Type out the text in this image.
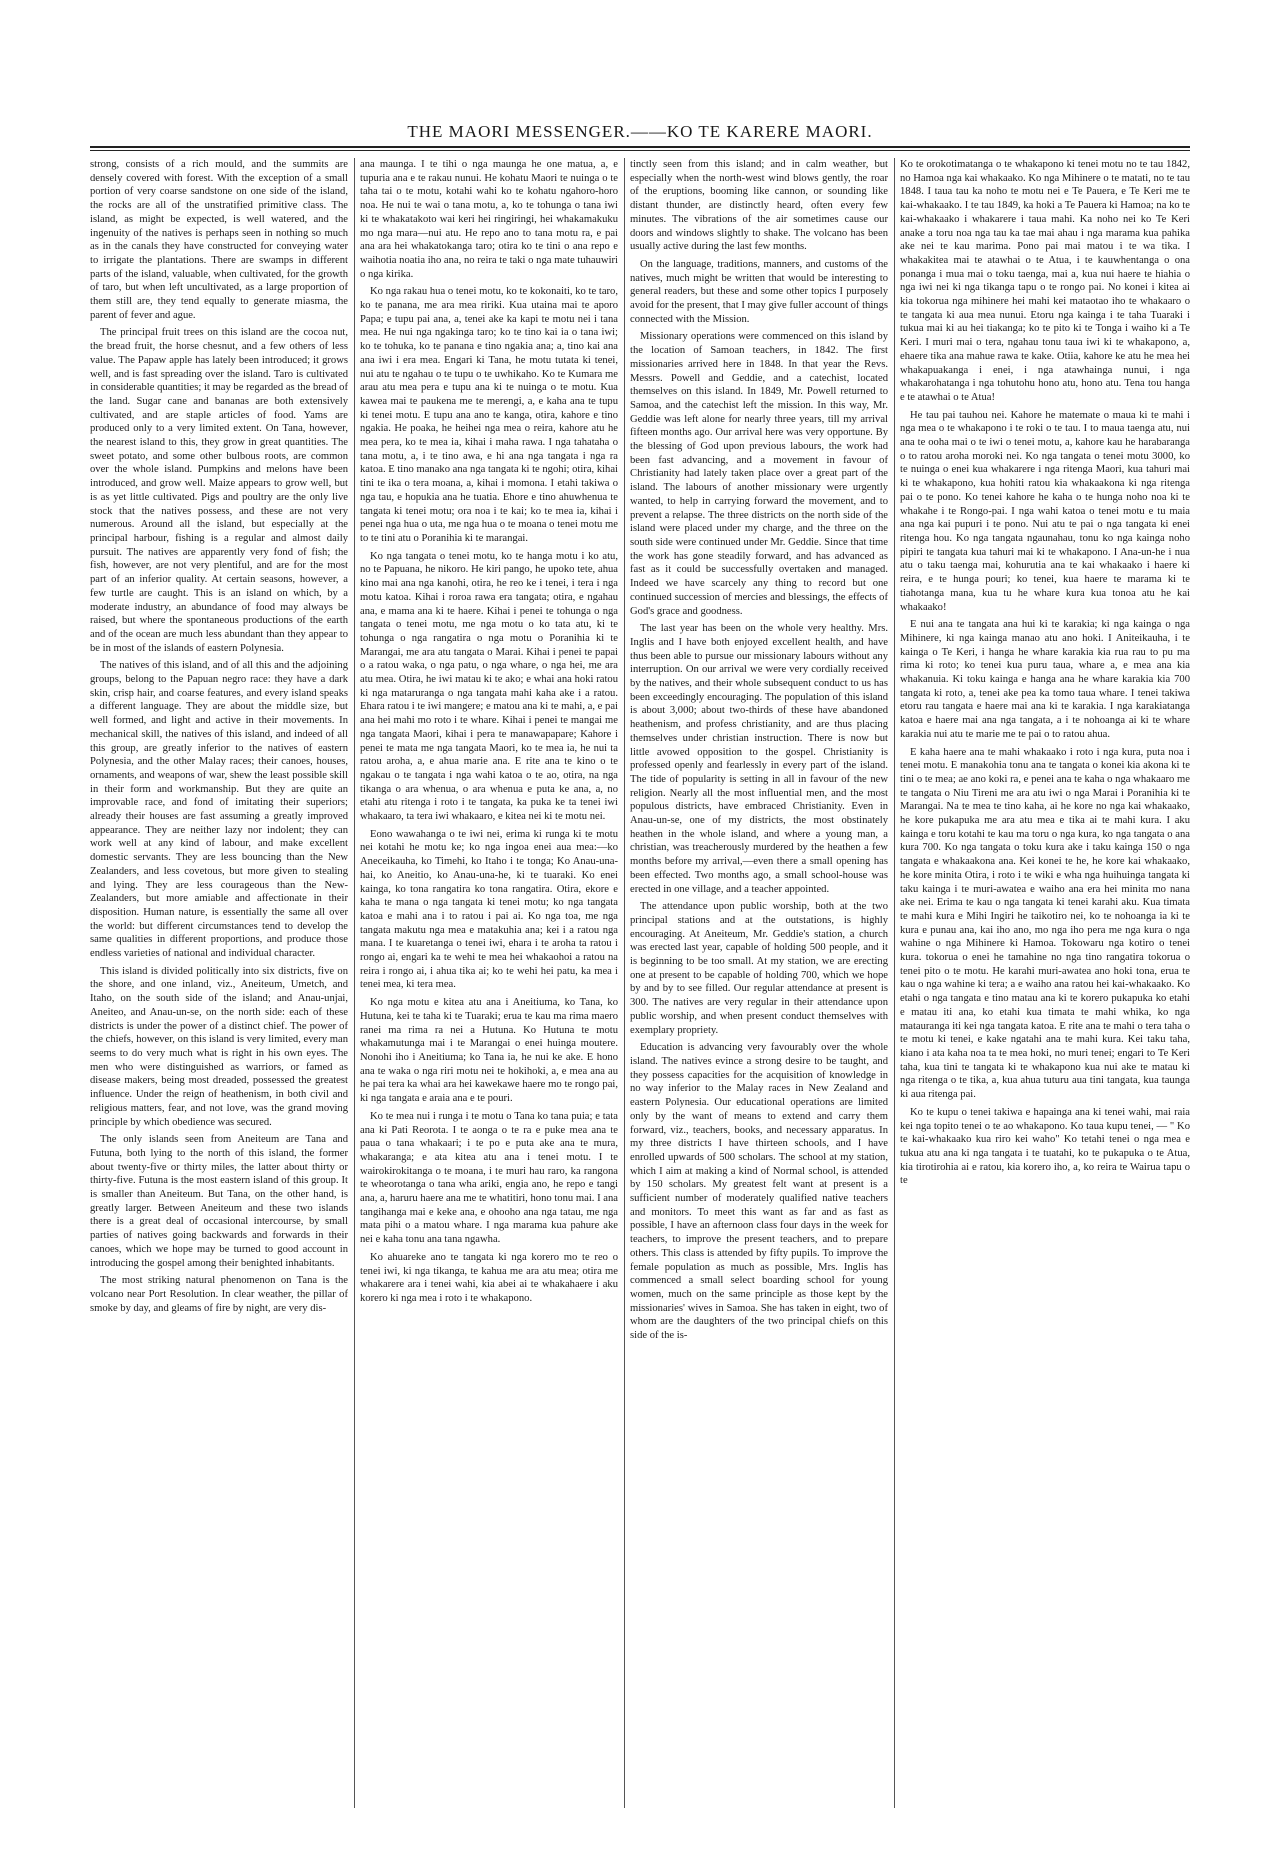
THE MAORI MESSENGER.——KO TE KARERE MAORI.

strong, consists of a rich mould, and the summits are densely covered with forest. With the exception of a small portion of very coarse sandstone on one side of the island, the rocks are all of the unstratified primitive class. The island, as might be expected, is well watered, and the ingenuity of the natives is perhaps seen in nothing so much as in the canals they have constructed for conveying water to irrigate the plantations. There are swamps in different parts of the island, valuable, when cultivated, for the growth of taro, but when left uncultivated, as a large proportion of them still are, they tend equally to generate miasma, the parent of fever and ague.

The principal fruit trees on this island are the cocoa nut, the bread fruit, the horse chesnut, and a few others of less value. The Papaw apple has lately been introduced; it grows well, and is fast spreading over the island. Taro is cultivated in considerable quantities; it may be regarded as the bread of the land. Sugar cane and bananas are both extensively cultivated, and are staple articles of food. Yams are produced only to a very limited extent. On Tana, however, the nearest island to this, they grow in great quantities. The sweet potato, and some other bulbous roots, are common over the whole island. Pumpkins and melons have been introduced, and grow well. Maize appears to grow well, but is as yet little cultivated. Pigs and poultry are the only live stock that the natives possess, and these are not very numerous. Around all the island, but especially at the principal harbour, fishing is a regular and almost daily pursuit. The natives are apparently very fond of fish; the fish, however, are not very plentiful, and are for the most part of an inferior quality. At certain seasons, however, a few turtle are caught. This is an island on which, by a moderate industry, an abundance of food may always be raised, but where the spontaneous productions of the earth and of the ocean are much less abundant than they appear to be in most of the islands of eastern Polynesia.

The natives of this island, and of all this and the adjoining groups, belong to the Papuan negro race: they have a dark skin, crisp hair, and coarse features, and every island speaks a different language. They are about the middle size, but well formed, and light and active in their movements. In mechanical skill, the natives of this island, and indeed of all this group, are greatly inferior to the natives of eastern Polynesia, and the other Malay races; their canoes, houses, ornaments, and weapons of war, shew the least possible skill in their form and workmanship. But they are quite an improvable race, and fond of imitating their superiors; already their houses are fast assuming a greatly improved appearance. They are neither lazy nor indolent; they can work well at any kind of labour, and make excellent domestic servants. They are less bouncing than the New Zealanders, and less covetous, but more given to stealing and lying. They are less courageous than the New-Zealanders, but more amiable and affectionate in their disposition. Human nature, is essentially the same all over the world: but different circumstances tend to develop the same qualities in different proportions, and produce those endless varieties of national and individual character.

This island is divided politically into six districts, five on the shore, and one inland, viz., Aneiteum, Umetch, and Itaho, on the south side of the island; and Anau-unjai, Aneiteo, and Anau-un-se, on the north side: each of these districts is under the power of a distinct chief. The power of the chiefs, however, on this island is very limited, every man seems to do very much what is right in his own eyes. The men who were distinguished as warriors, or famed as disease makers, being most dreaded, possessed the greatest influence. Under the reign of heathenism, in both civil and religious matters, fear, and not love, was the grand moving principle by which obedience was secured.

The only islands seen from Aneiteum are Tana and Futuna, both lying to the north of this island, the former about twenty-five or thirty miles, the latter about thirty or thirty-five. Futuna is the most eastern island of this group. It is smaller than Aneiteum. But Tana, on the other hand, is greatly larger. Between Aneiteum and these two islands there is a great deal of occasional intercourse, by small parties of natives going backwards and forwards in their canoes, which we hope may be turned to good account in introducing the gospel among their benighted inhabitants.

The most striking natural phenomenon on Tana is the volcano near Port Resolution. In clear weather, the pillar of smoke by day, and gleams of fire by night, are very dis-

ana maunga. I te tihi o nga maunga he one matua, a, e tupuria ana e te rakau nunui. He kohatu Maori te nuinga o te taha tai o te motu, kotahi wahi ko te kohatu ngahoro-horo noa. He nui te wai o tana motu, a, ko te tohunga o tana iwi ki te whakatakoto wai keri hei ringiringi, hei whakamakuku mo nga mara—nui atu. He repo ano to tana motu ra, e pai ana ara hei whakatokanga taro; otira ko te tini o ana repo e waihotia noatia iho ana, no reira te taki o nga mate tuhauwiri o nga kirika.

Ko nga rakau hua o tenei motu, ko te kokonaiti, ko te taro, ko te panana, me ara mea ririki. Kua utaina mai te aporo Papa; e tupu pai ana, a, tenei ake ka kapi te motu nei i tana mea. He nui nga ngakinga taro; ko te tino kai ia o tana iwi; ko te tohuka, ko te panana e tino ngakia ana; a, tino kai ana ana iwi i era mea. Engari ki Tana, he motu tutata ki tenei, nui atu te ngahau o te tupu o te uwhikaho. Ko te Kumara me arau atu mea pera e tupu ana ki te nuinga o te motu. Kua kawea mai te paukena me te merengi, a, e kaha ana te tupu ki tenei motu. E tupu ana ano te kanga, otira, kahore e tino ngakia. He poaka, he heihei nga mea o reira, kahore atu he mea pera, ko te mea ia, kihai i maha rawa. I nga tahataha o tana motu, a, i te tino awa, e hi ana nga tangata i nga ra katoa. E tino manako ana nga tangata ki te ngohi; otira, kihai tini te ika o tera moana, a, kihai i momona. I etahi takiwa o nga tau, e hopukia ana he tuatia. Ehore e tino ahuwhenua te tangata ki tenei motu; ora noa i te kai; ko te mea ia, kihai i penei nga hua o uta, me nga hua o te moana o tenei motu me to te tini atu o Poranihia ki te marangai.

Ko nga tangata o tenei motu, ko te hanga motu i ko atu, no te Papuana, he nikoro. He kiri pango, he upoko tete, ahua kino mai ana nga kanohi, otira, he reo ke i tenei, i tera i nga motu katoa. Kihai i roroa rawa era tangata; otira, e ngahau ana, e mama ana ki te haere. Kihai i penei te tohunga o nga tangata o tenei motu, me nga motu o ko tata atu, ki te tohunga o nga rangatira o nga motu o Poranihia ki te Marangai, me ara atu tangata o Marai. Kihai i penei te papai o a ratou waka, o nga patu, o nga whare, o nga hei, me ara atu mea. Otira, he iwi matau ki te ako; e whai ana hoki ratou ki nga mataruranga o nga tangata mahi kaha ake i a ratou. Ehara ratou i te iwi mangere; e matou ana ki te mahi, a, e pai ana hei mahi mo roto i te whare. Kihai i penei te mangai me nga tangata Maori, kihai i pera te manawapapare; Kahore i penei te mata me nga tangata Maori, ko te mea ia, he nui ta ratou aroha, a, e ahua marie ana. E rite ana te kino o te ngakau o te tangata i nga wahi katoa o te ao, otira, na nga tikanga o ara whenua, o ara whenua e puta ke ana, a, no etahi atu ritenga i roto i te tangata, ka puka ke ta tenei iwi whakaaro, ta tera iwi whakaaro, e kitea nei ki te motu nei.

Eono wawahanga o te iwi nei, erima ki runga ki te motu nei kotahi he motu ke; ko nga ingoa enei aua mea:—ko Aneceikauha, ko Timehi, ko Itaho i te tonga; Ko Anau-una-hai, ko Aneitio, ko Anau-una-he, ki te tuaraki. Ko enei kainga, ko tona rangatira ko tona rangatira. Otira, ekore e kaha te mana o nga tangata ki tenei motu; ko nga tangata katoa e mahi ana i to ratou i pai ai. Ko nga toa, me nga tangata makutu nga mea e matakuhia ana; kei i a ratou nga mana. I te kuaretanga o tenei iwi, ehara i te aroha ta ratou i rongo ai, engari ka te wehi te mea hei whakaohoi a ratou na reira i rongo ai, i ahua tika ai; ko te wehi hei patu, ka mea i tenei mea, ki tera mea.

Ko nga motu e kitea atu ana i Aneitiuma, ko Tana, ko Hutuna, kei te taha ki te Tuaraki; erua te kau ma rima maero ranei ma rima ra nei a Hutuna. Ko Hutuna te motu whakamutunga mai i te Marangai o enei huinga moutere. Nonohi iho i Aneitiuma; ko Tana ia, he nui ke ake. E hono ana te waka o nga riri motu nei te hokihoki, a, e mea ana au he pai tera ka whai ara hei kawekawe haere mo te rongo pai, ki nga tangata e araia ana e te pouri.

Ko te mea nui i runga i te motu o Tana ko tana puia; e tata ana ki Pati Reorota. I te aonga o te ra e puke mea ana te paua o tana whakaari; i te po e puta ake ana te mura, whakaranga; e ata kitea atu ana i tenei motu. I te wairokirokitanga o te moana, i te muri hau raro, ka rangona te wheorotanga o tana wha ariki, engia ano, he repo e tangi ana, a, haruru haere ana me te whatitiri, hono tonu mai. I ana tangihanga mai e keke ana, e ohooho ana nga tatau, me nga mata pihi o a matou whare. I nga marama kua pahure ake nei e kaha tonu ana tana ngawha.

Ko ahuareke ano te tangata ki nga korero mo te reo o tenei iwi, ki nga tikanga, te kahua me ara atu mea; otira me whakarere ara i tenei wahi, kia abei ai te whakahaere i aku korero ki nga mea i roto i te whakapono.

tinctly seen from this island; and in calm weather, but especially when the north-west wind blows gently, the roar of the eruptions, booming like cannon, or sounding like distant thunder, are distinctly heard, often every few minutes. The vibrations of the air sometimes cause our doors and windows slightly to shake. The volcano has been usually active during the last few months.

On the language, traditions, manners, and customs of the natives, much might be written that would be interesting to general readers, but these and some other topics I purposely avoid for the present, that I may give fuller account of things connected with the Mission.

Missionary operations were commenced on this island by the location of Samoan teachers, in 1842. The first missionaries arrived here in 1848. In that year the Revs. Messrs. Powell and Geddie, and a catechist, located themselves on this island. In 1849, Mr. Powell returned to Samoa, and the catechist left the mission. In this way, Mr. Geddie was left alone for nearly three years, till my arrival fifteen months ago. Our arrival here was very opportune. By the blessing of God upon previous labours, the work had been fast advancing, and a movement in favour of Christianity had lately taken place over a great part of the island. The labours of another missionary were urgently wanted, to help in carrying forward the movement, and to prevent a relapse. The three districts on the north side of the island were placed under my charge, and the three on the south side were continued under Mr. Geddie. Since that time the work has gone steadily forward, and has advanced as fast as it could be successfully overtaken and managed. Indeed we have scarcely any thing to record but one continued succession of mercies and blessings, the effects of God's grace and goodness.

The last year has been on the whole very healthy. Mrs. Inglis and I have both enjoyed excellent health, and have thus been able to pursue our missionary labours without any interruption. On our arrival we were very cordially received by the natives, and their whole subsequent conduct to us has been exceedingly encouraging. The population of this island is about 3,000; about two-thirds of these have abandoned heathenism, and profess christianity, and are thus placing themselves under christian instruction. There is now but little avowed opposition to the gospel. Christianity is professed openly and fearlessly in every part of the island. The tide of popularity is setting in all in favour of the new religion. Nearly all the most influential men, and the most populous districts, have embraced Christianity. Even in Anau-un-se, one of my districts, the most obstinately heathen in the whole island, and where a young man, a christian, was treacherously murdered by the heathen a few months before my arrival,—even there a small opening has been effected. Two months ago, a small school-house was erected in one village, and a teacher appointed.

The attendance upon public worship, both at the two principal stations and at the outstations, is highly encouraging. At Aneiteum, Mr. Geddie's station, a church was erected last year, capable of holding 500 people, and it is beginning to be too small. At my station, we are erecting one at present to be capable of holding 700, which we hope by and by to see filled. Our regular attendance at present is 300. The natives are very regular in their attendance upon public worship, and when present conduct themselves with exemplary propriety.

Education is advancing very favourably over the whole island. The natives evince a strong desire to be taught, and they possess capacities for the acquisition of knowledge in no way inferior to the Malay races in New Zealand and eastern Polynesia. Our educational operations are limited only by the want of means to extend and carry them forward, viz., teachers, books, and necessary apparatus. In my three districts I have thirteen schools, and I have enrolled upwards of 500 scholars. The school at my station, which I aim at making a kind of Normal school, is attended by 150 scholars. My greatest felt want at present is a sufficient number of moderately qualified native teachers and monitors. To meet this want as far and as fast as possible, I have an afternoon class four days in the week for teachers, to improve the present teachers, and to prepare others. This class is attended by fifty pupils. To improve the female population as much as possible, Mrs. Inglis has commenced a small select boarding school for young women, much on the same principle as those kept by the missionaries' wives in Samoa. She has taken in eight, two of whom are the daughters of the two principal chiefs on this side of the is-

Ko te orokotimatanga o te whakapono ki tenei motu no te tau 1842, no Hamoa nga kai whakaako. Ko nga Mihinere o te matati, no te tau 1848. I taua tau ka noho te motu nei e Te Pauera, e Te Keri me te kai-whakaako. I te tau 1849, ka hoki a Te Pauera ki Hamoa; na ko te kai-whakaako i whakarere i taua mahi. Ka noho nei ko Te Keri anake a toru noa nga tau ka tae mai ahau i nga marama kua pahika ake nei te kau marima. Pono pai mai matou i te wa tika. I whakakitea mai te atawhai o te Atua, i te kauwhentanga o ona ponanga i mua mai o toku taenga, mai a, kua nui haere te hiahia o nga iwi nei ki nga tikanga tapu o te rongo pai. No konei i kitea ai kia tokorua nga mihinere hei mahi kei mataotao iho te whakaaro o te tangata ki aua mea nunui. Etoru nga kainga i te taha Tuaraki i tukua mai ki au hei tiakanga; ko te pito ki te Tonga i waiho ki a Te Keri. I muri mai o tera, ngahau tonu taua iwi ki te whakapono, a, ehaere tika ana mahue rawa te kake. Otiia, kahore ke atu he mea hei whakapuakanga i enei, i nga atawhainga nunui, i nga whakarohatanga i nga tohutohu hono atu, hono atu. Tena tou hanga e te atawhai o te Atua!

He tau pai tauhou nei. Kahore he matemate o maua ki te mahi i nga mea o te whakapono i te roki o te tau. I to maua taenga atu, nui ana te ooha mai o te iwi o tenei motu, a, kahore kau he harabaranga o to ratou aroha moroki nei. Ko nga tangata o tenei motu 3000, ko te nuinga o enei kua whakarere i nga ritenga Maori, kua tahuri mai ki te whakapono, kua hohiti ratou kia whakaakona ki nga ritenga pai o te pono. Ko tenei kahore he kaha o te hunga noho noa ki te whakahe i te Rongo-pai. I nga wahi katoa o tenei motu e tu maia ana nga kai pupuri i te pono. Nui atu te pai o nga tangata ki enei ritenga hou. Ko nga tangata ngaunahau, tonu ko nga kainga noho pipiri te tangata kua tahuri mai ki te whakapono. I Ana-un-he i nua atu o taku taenga mai, kohurutia ana te kai whakaako i haere ki reira, e te hunga pouri; ko tenei, kua haere te marama ki te tiahotanga mana, kua tu he whare kura kua tonoa atu he kai whakaako!

E nui ana te tangata ana hui ki te karakia; ki nga kainga o nga Mihinere, ki nga kainga manao atu ano hoki. I Aniteikauha, i te kainga o Te Keri, i hanga he whare karakia kia rua rau to pu ma rima ki roto; ko tenei kua puru taua, whare a, e mea ana kia whakanuia. Ki toku kainga e hanga ana he whare karakia kia 700 tangata ki roto, a, tenei ake pea ka tomo taua whare. I tenei takiwa etoru rau tangata e haere mai ana ki te karakia. I nga karakiatanga katoa e haere mai ana nga tangata, a i te nohoanga ai ki te whare karakia nui atu te marie me te pai o to ratou ahua.

E kaha haere ana te mahi whakaako i roto i nga kura, puta noa i tenei motu. E manakohia tonu ana te tangata o konei kia akona ki te tini o te mea; ae ano koki ra, e penei ana te kaha o nga whakaaro me te tangata o Niu Tireni me ara atu iwi o nga Marai i Poranihia ki te Marangai. Na te mea te tino kaha, ai he kore no nga kai whakaako, he kore pukapuka me ara atu mea e tika ai te mahi kura. I aku kainga e toru kotahi te kau ma toru o nga kura, ko nga tangata o ana kura 700. Ko nga tangata o toku kura ake i taku kainga 150 o nga tangata e whakaakona ana. Kei konei te he, he kore kai whakaako, he kore minita Otira, i roto i te wiki e wha nga huihuinga tangata ki taku kainga i te muri-awatea e waiho ana era hei minita mo nana ake nei. Erima te kau o nga tangata ki tenei karahi aku. Kua timata te mahi kura e Mihi Ingiri he taikotiro nei, ko te nohoanga ia ki te kura e punau ana, kai iho ano, mo nga iho pera me nga kura o nga wahine o nga Mihinere ki Hamoa. Tokowaru nga kotiro o tenei kura. tokorua o enei he tamahine no nga tino rangatira tokorua o tenei pito o te motu. He karahi muri-awatea ano hoki tona, erua te kau o nga wahine ki tera; a e waiho ana ratou hei kai-whakaako. Ko etahi o nga tangata e tino matau ana ki te korero pukapuka ko etahi e matau iti ana, ko etahi kua timata te mahi whika, ko nga mataurangа iti kei nga tangata katoa. E rite ana te mahi o tera taha o te motu ki tenei, e kake ngatahi ana te mahi kura. Kei taku taha, kiano i ata kaha noa ta te mea hoki, no muri tenei; engari to Te Keri taha, kua tini te tangata ki te whakapono kua nui ake te matau ki nga ritenga o te tika, a, kua ahua tuturu aua tini tangata, kua taunga ki aua ritenga pai.

Ko te kupu o tenei takiwa e hapainga ana ki tenei wahi, mai raia kei nga topito tenei o te ao whakapono. Ko taua kupu tenei, — " Ko te kai-whakaako kua riro kei waho" Ko tetahi tenei o nga mea e tukua atu ana ki nga tangata i te tuatahi, ko te pukapuka o te Atua, kia tirotirohia ai e ratou, kia korero iho, a, ko reira te Wairua tapu o te
